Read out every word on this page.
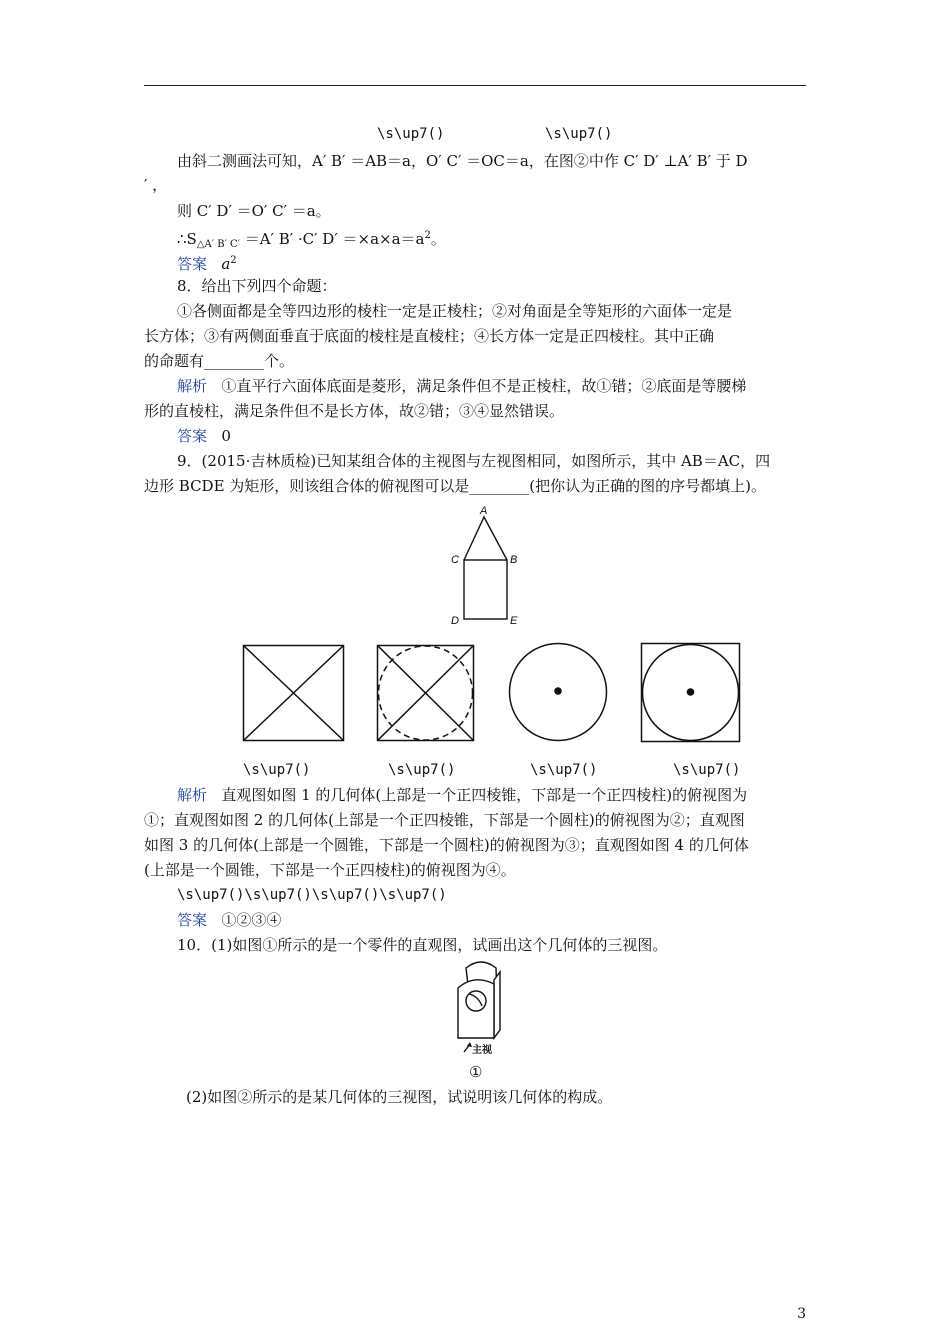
\s\up7()	\s\up7()
由斜二测画法可知，A′ B′ ＝AB＝a，O′ C′ ＝OC＝a，在图②中作 C′ D′ ⊥A′ B′ 于 D
′ ，
则 C′ D′ ＝O′ C′ ＝a。
$\therefore S_{\triangle A' B' C'} =A'$ B′ ·C′ $D' =\times a\times a=a^2$。
答案 $a^2$
8．给出下列四个命题：
①各侧面都是全等四边形的棱柱一定是正棱柱；②对角面是全等矩形的六面体一定是
长方体；③有两侧面垂直于底面的棱柱是直棱柱；④长方体一定是正四棱柱。其中正确
的命题有________个。
解析 ①直平行六面体底面是菱形，满足条件但不是正棱柱，故①错；②底面是等腰梯
形的直棱柱，满足条件但不是长方体，故②错；③④显然错误。
答案 0
9．(2015·吉林质检)已知某组合体的主视图与左视图相同，如图所示，其中 AB＝AC，四
边形 BCDE 为矩形，则该组合体的俯视图可以是________(把你认为正确的图的序号都填上)。
A
C	B
D	E
\s\up7()	\s\up7()	\s\up7()	\s\up7()
解析 直观图如图 1 的几何体(上部是一个正四棱锥，下部是一个正四棱柱)的俯视图为
①；直观图如图 2 的几何体(上部是一个正四棱锥，下部是一个圆柱)的俯视图为②；直观图
如图 3 的几何体(上部是一个圆锥，下部是一个圆柱)的俯视图为③；直观图如图 4 的几何体
(上部是一个圆锥，下部是一个正四棱柱)的俯视图为④。
\s\up7()\s\up7()\s\up7()\s\up7()
答案 ①②③④
10．(1)如图①所示的是一个零件的直观图，试画出这个几何体的三视图。
主视
①
(2)如图②所示的是某几何体的三视图，试说明该几何体的构成。
3
